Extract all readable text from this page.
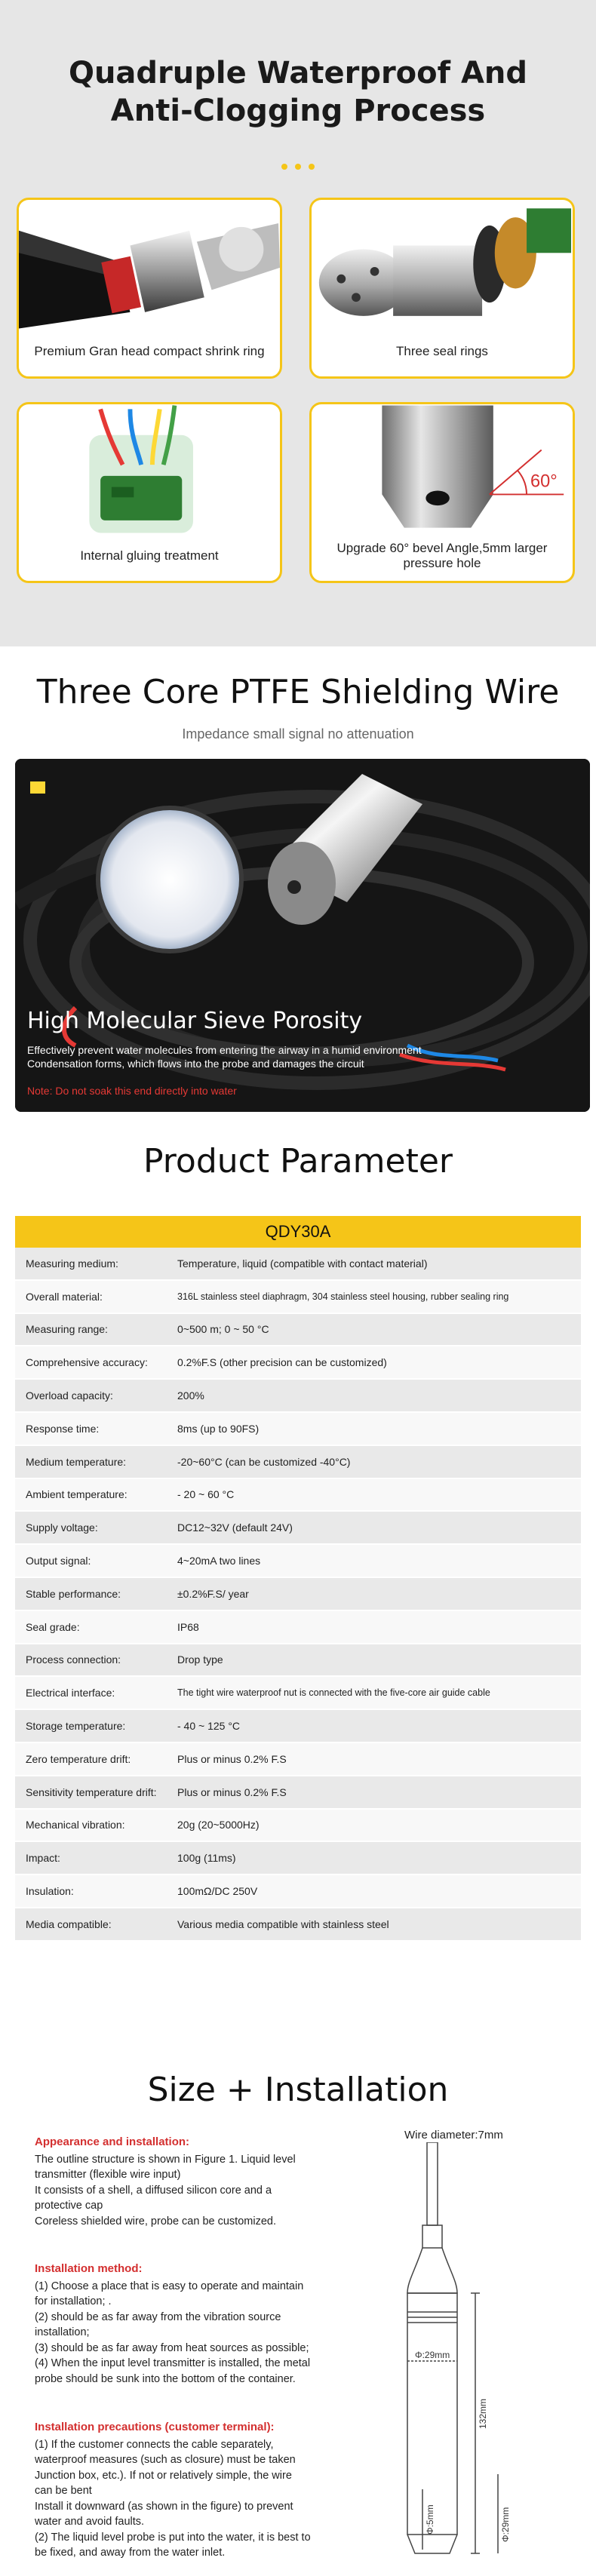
Quadruple Waterproof And
Anti-Clogging Process
Premium Gran head compact shrink ring	Three seal rings
Internal gluing treatment
60°
Upgrade 60° bevel Angle,5mm larger pressure hole
Three Core PTFE Shielding Wire
Impedance small signal no attenuation
High Molecular Sieve Porosity
Effectively prevent water molecules from entering the airway in a humid environment
Condensation forms, which flows into the probe and damages the circuit
Note: Do not soak this end directly into water
Product Parameter
QDY30A
Measuring medium:	Temperature, liquid (compatible with contact material)
Overall material:	316L stainless steel diaphragm, 304 stainless steel housing, rubber sealing ring
Measuring range:	0~500 m; 0 ~ 50 °C
Comprehensive accuracy:	0.2%F.S (other precision can be customized)
Overload capacity:	200%
Response time:	8ms (up to 90FS)
Medium temperature:	-20~60°C (can be customized -40°C)
Ambient temperature:	- 20 ~ 60 °C
Supply voltage:	DC12~32V (default 24V)
Output signal:	4~20mA two lines
Stable performance:	±0.2%F.S/ year
Seal grade:	IP68
Process connection:	Drop type
Electrical interface:	The tight wire waterproof nut is connected with the five-core air guide cable
Storage temperature:	- 40 ~ 125 °C
Zero temperature drift:	Plus or minus 0.2% F.S
Sensitivity temperature drift:	Plus or minus 0.2% F.S
Mechanical vibration:	20g (20~5000Hz)
Impact:	100g (11ms)
Insulation:	100mΩ/DC 250V
Media compatible:	Various media compatible with stainless steel
Size + Installation
Appearance and installation:
The outline structure is shown in Figure 1. Liquid level
transmitter (flexible wire input)
It consists of a shell, a diffused silicon core and a
protective cap
Coreless shielded wire, probe can be customized.
Installation method:
(1) Choose a place that is easy to operate and maintain
for installation; .
(2) should be as far away from the vibration source
installation;
(3) should be as far away from heat sources as possible;
(4) When the input level transmitter is installed, the metal
probe should be sunk into the bottom of the container.
Installation precautions (customer terminal):
(1) If the customer connects the cable separately,
waterproof measures (such as closure) must be taken
Junction box, etc.). If not or relatively simple, the wire
can be bent
Install it downward (as shown in the figure) to prevent
water and avoid faults.
(2) The liquid level probe is put into the water, it is best to
be fixed, and away from the water inlet.
Wire diameter:7mm
Φ:29mm
132mm
Φ:5mm	Φ:29mm
